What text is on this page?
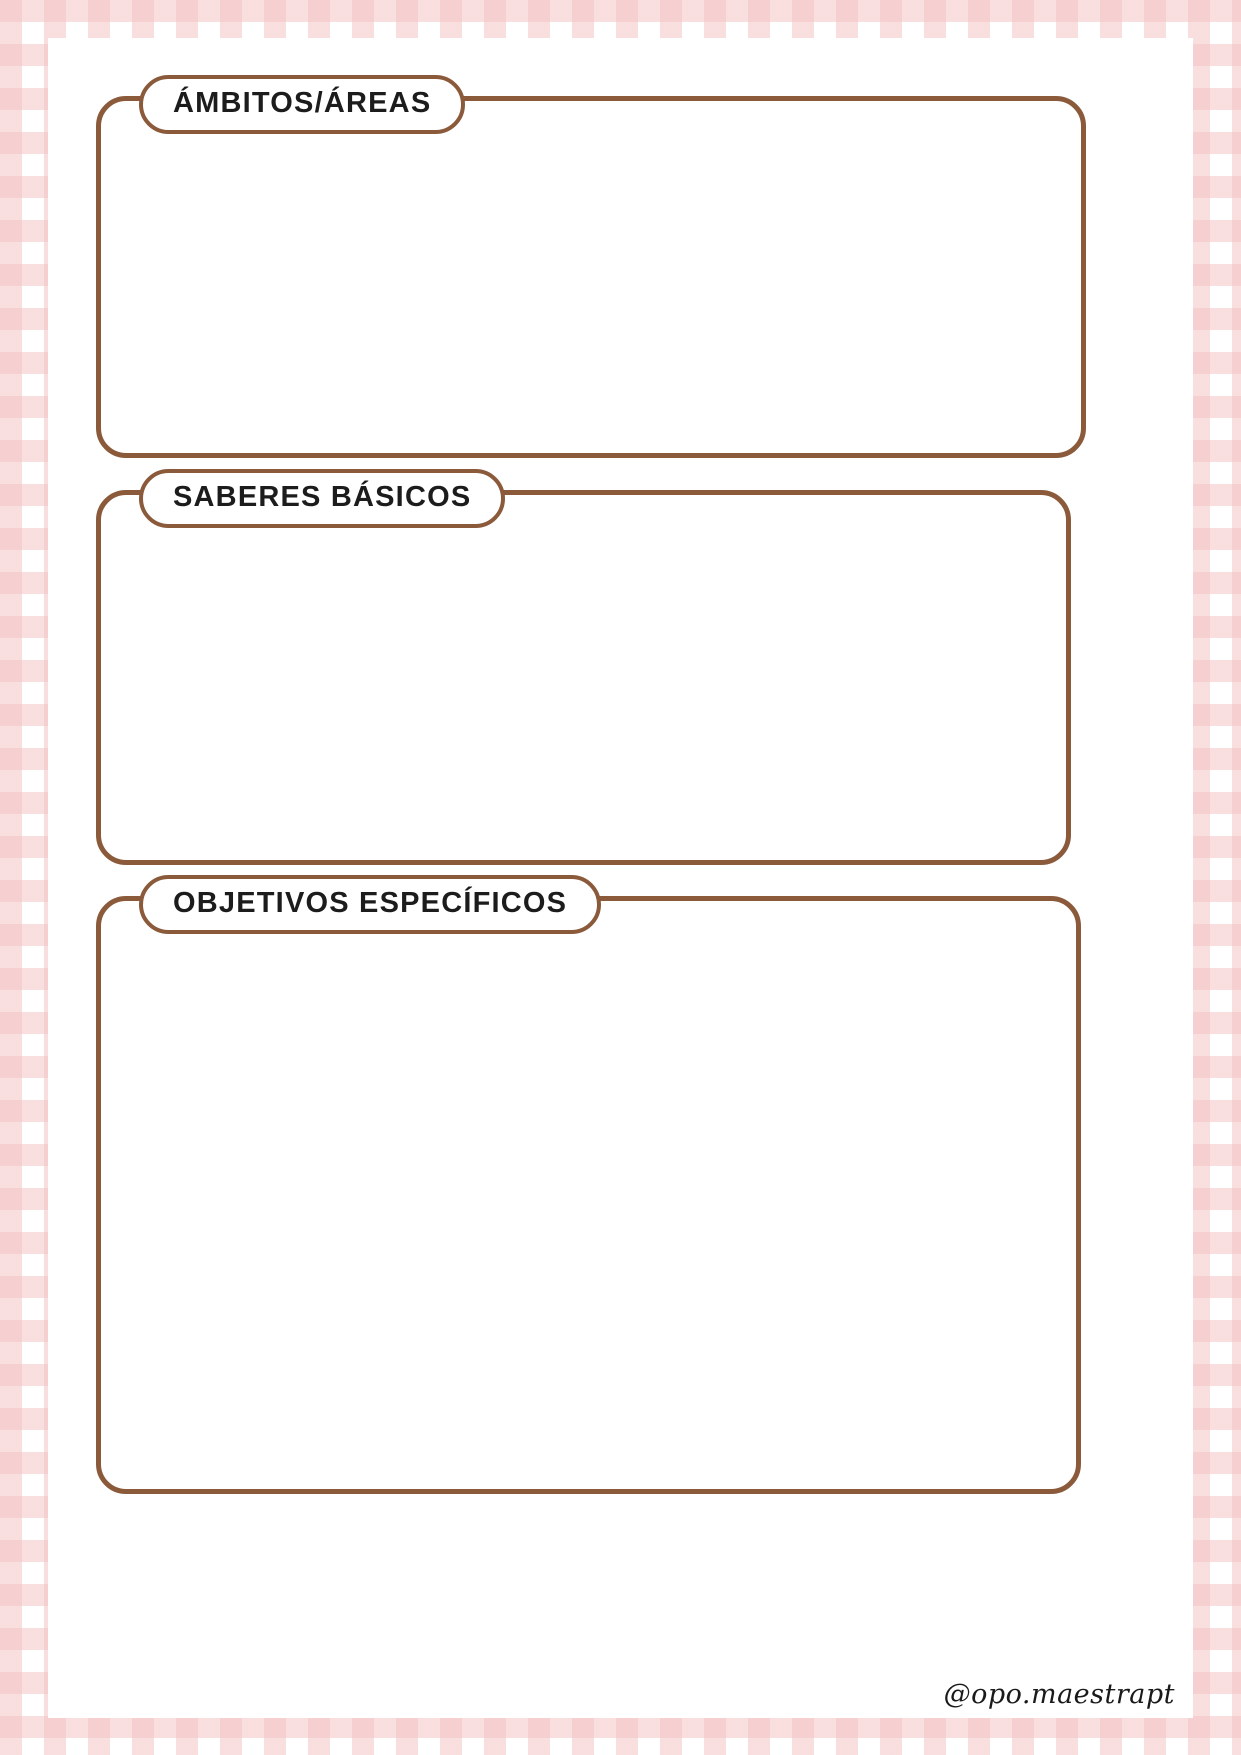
ÁMBITOS/ÁREAS
SABERES BÁSICOS
OBJETIVOS ESPECÍFICOS
@opo.maestrapt
